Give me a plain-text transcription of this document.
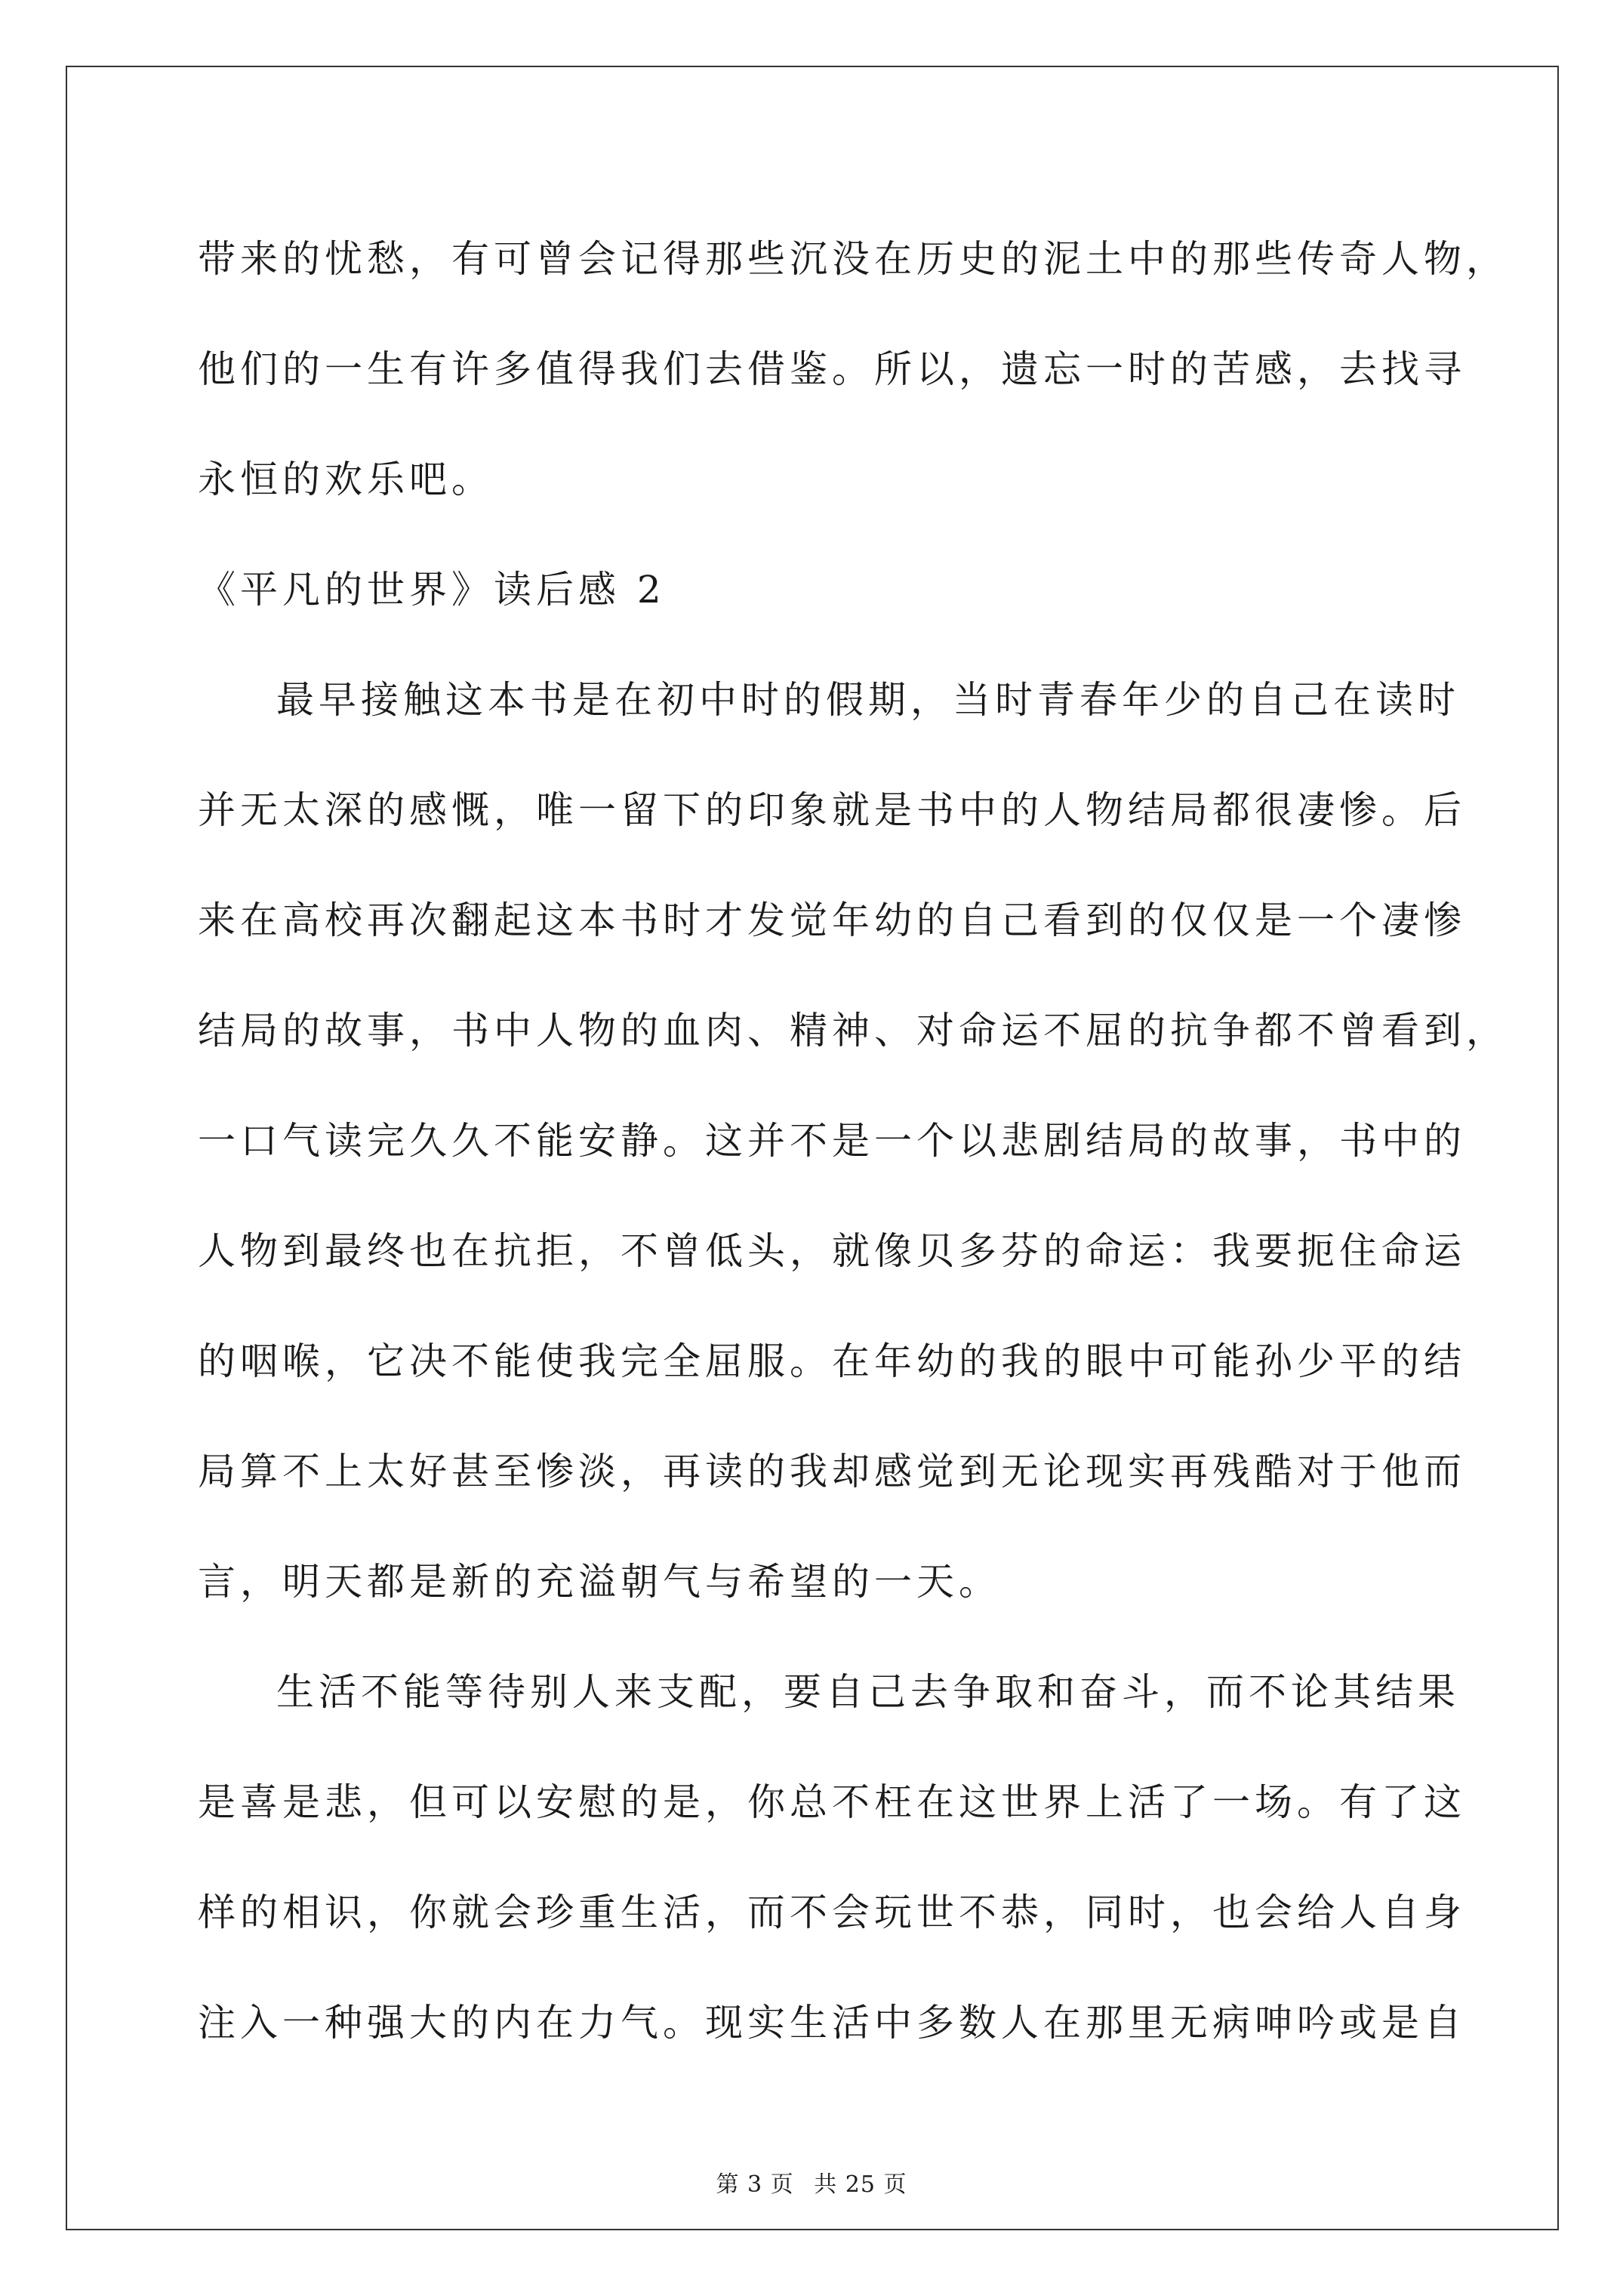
带来的忧愁，有可曾会记得那些沉没在历史的泥土中的那些传奇人物，
他们的一生有许多值得我们去借鉴。所以，遗忘一时的苦感，去找寻
永恒的欢乐吧。
《平凡的世界》读后感 2
最早接触这本书是在初中时的假期，当时青春年少的自己在读时
并无太深的感慨，唯一留下的印象就是书中的人物结局都很凄惨。后
来在高校再次翻起这本书时才发觉年幼的自己看到的仅仅是一个凄惨
结局的故事，书中人物的血肉、精神、对命运不屈的抗争都不曾看到，
一口气读完久久不能安静。这并不是一个以悲剧结局的故事，书中的
人物到最终也在抗拒，不曾低头，就像贝多芬的命运：我要扼住命运
的咽喉，它决不能使我完全屈服。在年幼的我的眼中可能孙少平的结
局算不上太好甚至惨淡，再读的我却感觉到无论现实再残酷对于他而
言，明天都是新的充溢朝气与希望的一天。
生活不能等待别人来支配，要自己去争取和奋斗，而不论其结果
是喜是悲，但可以安慰的是，你总不枉在这世界上活了一场。有了这
样的相识，你就会珍重生活，而不会玩世不恭，同时，也会给人自身
注入一种强大的内在力气。现实生活中多数人在那里无病呻吟或是自
第 3 页 共 25 页
